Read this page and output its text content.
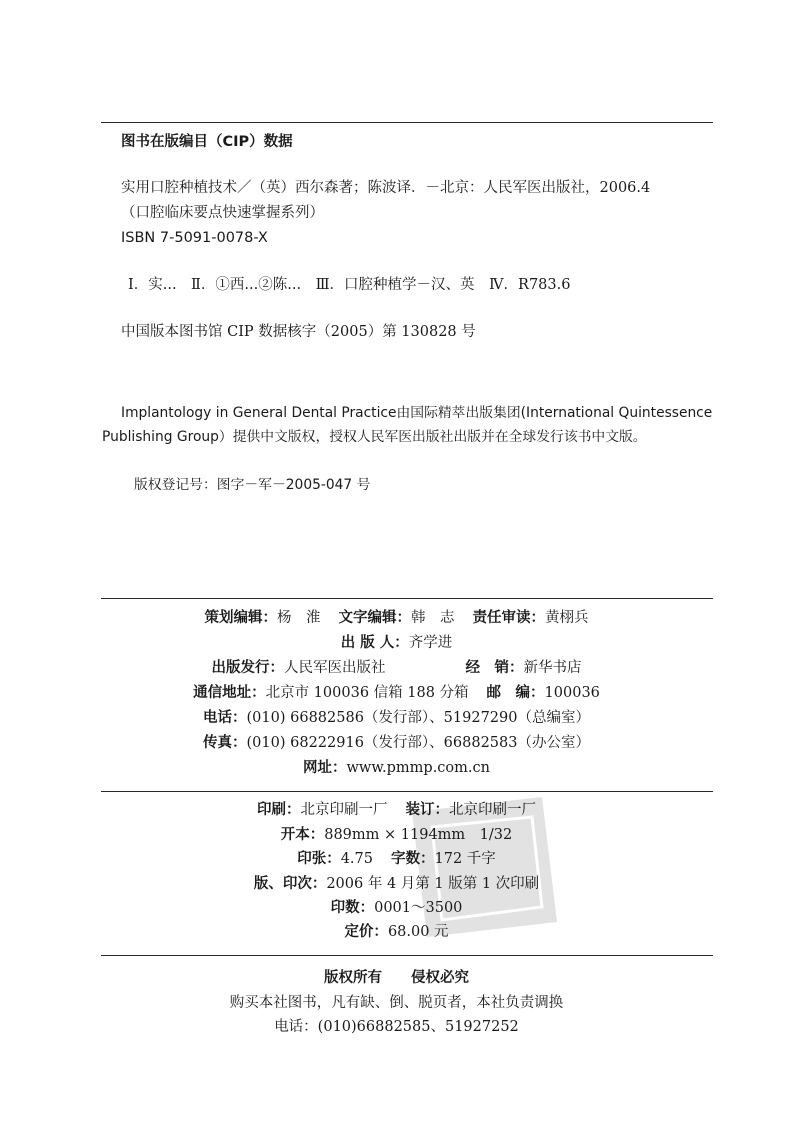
图书在版编目（CIP）数据
实用口腔种植技术／（英）西尔森著；陈波译．－北京：人民军医出版社，2006.4
（口腔临床要点快速掌握系列）
ISBN 7-5091-0078-X
Ⅰ．实...　Ⅱ．①西...②陈...　Ⅲ．口腔种植学－汉、英　Ⅳ．R783.6
中国版本图书馆 CIP 数据核字（2005）第 130828 号
Implantology in General Dental Practice由国际精萃出版集团(International Quintessence
Publishing Group）提供中文版权，授权人民军医出版社出版并在全球发行该书中文版。
版权登记号：图字－军－2005-047 号
策划编辑：杨　淮 文字编辑：韩　志 责任审读：黄栩兵
出 版 人：齐学进
出版发行：人民军医出版社	经　销：新华书店
通信地址：北京市 100036 信箱 188 分箱 邮　编：100036
电话：(010) 66882586（发行部）、51927290（总编室）
传真：(010) 68222916（发行部）、66882583（办公室）
网址：www.pmmp.com.cn
印刷：北京印刷一厂 装订：北京印刷一厂
开本：889mm × 1194mm　1/32
印张：4.75 字数：172 千字
版、印次：2006 年 4 月第 1 版第 1 次印刷
印数：0001～3500
定价：68.00 元
版权所有　　侵权必究
购买本社图书，凡有缺、倒、脱页者，本社负责调换
电话：(010)66882585、51927252
